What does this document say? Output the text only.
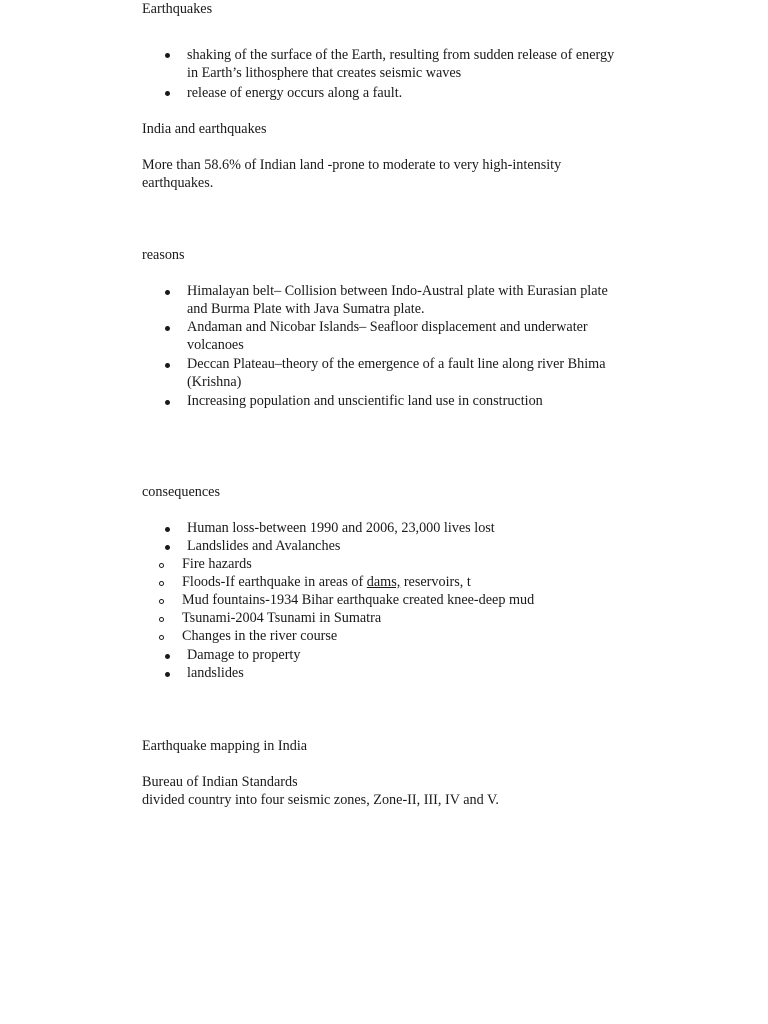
Earthquakes
shaking of the surface of the Earth, resulting from sudden release of energy in Earth’s lithosphere that creates seismic waves
release of energy occurs along a fault.
India and earthquakes
More than 58.6% of Indian land -prone to moderate to very high-intensity
earthquakes.
reasons
Himalayan belt– Collision between Indo-Austral plate with Eurasian plate and Burma Plate with Java Sumatra plate.
Andaman and Nicobar Islands– Seafloor displacement and underwater volcanoes
Deccan Plateau–theory of the emergence of a fault line along river Bhima (Krishna)
Increasing population and unscientific land use in construction
consequences
Human loss-between 1990 and 2006, 23,000 lives lost
Landslides and Avalanches
Fire hazards
Floods-If earthquake in areas of dams, reservoirs, t
Mud fountains-1934 Bihar earthquake created knee-deep mud
Tsunami-2004 Tsunami in Sumatra
Changes in the river course
Damage to property
landslides
Earthquake mapping in India
Bureau of Indian Standards
divided country into four seismic zones, Zone-II, III, IV and V.
